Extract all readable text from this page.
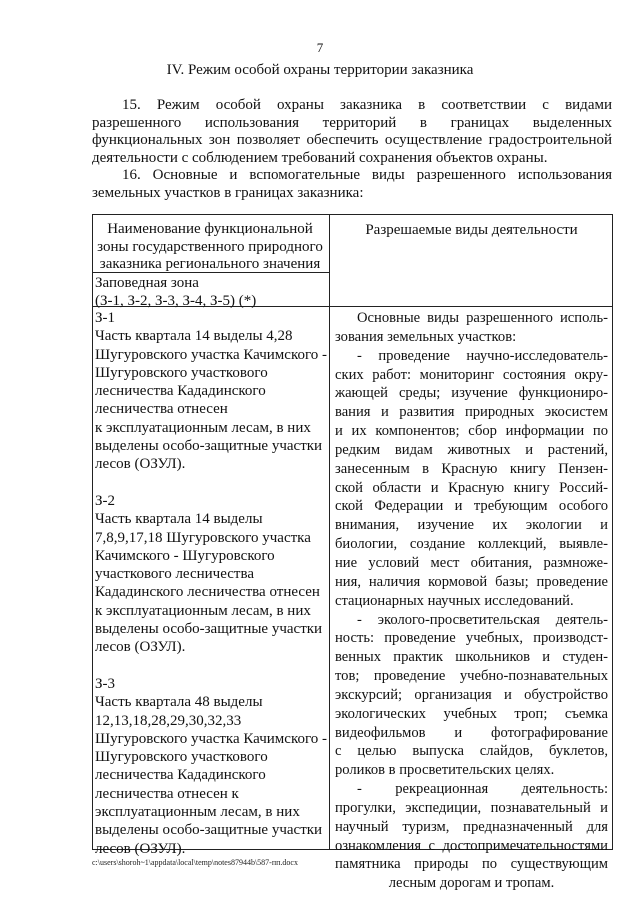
7
IV. Режим особой охраны территории заказника
15. Режим особой охраны заказника в соответствии с видами
разрешенного использования территорий в границах выделенных
функциональных зон позволяет обеспечить осуществление градостроительной
деятельности с соблюдением требований сохранения объектов охраны.
16. Основные и вспомогательные виды разрешенного использования
земельных участков в границах заказника:
Наименование функциональной
зоны государственного природного
заказника регионального значения
Разрешаемые виды деятельности
Заповедная зона
(З-1, З-2, З-3, З-4, З-5) (*)
З-1
Часть квартала 14 выделы 4,28
Шугуровского участка Качимского -
Шугуровского участкового
лесничества Кададинского
лесничества отнесен
к эксплуатационным лесам, в них
выделены особо-защитные участки
лесов (ОЗУЛ).
З-2
Часть квартала 14 выделы
7,8,9,17,18 Шугуровского участка
Качимского - Шугуровского
участкового лесничества
Кададинского лесничества отнесен
к эксплуатационным лесам, в них
выделены особо-защитные участки
лесов (ОЗУЛ).
З-3
Часть квартала 48 выделы
12,13,18,28,29,30,32,33
Шугуровского участка Качимского -
Шугуровского участкового
лесничества Кададинского
лесничества отнесен к
эксплуатационным лесам, в них
выделены особо-защитные участки
лесов (ОЗУЛ).
Основные виды разрешенного исполь-
зования земельных участков:
- проведение научно-исследователь-
ских работ: мониторинг состояния окру-
жающей среды; изучение функциониро-
вания и развития природных экосистем
и их компонентов; сбор информации по
редким видам животных и растений,
занесенным в Красную книгу Пензен-
ской области и Красную книгу Россий-
ской Федерации и требующим особого
внимания, изучение их экологии и
биологии, создание коллекций, выявле-
ние условий мест обитания, размноже-
ния, наличия кормовой базы; проведение
стационарных научных исследований.
- эколого-просветительская деятель-
ность: проведение учебных, производст-
венных практик школьников и студен-
тов; проведение учебно-познавательных
экскурсий; организация и обустройство
экологических учебных троп; съемка
видеофильмов и фотографирование
с целью выпуска слайдов, буклетов,
роликов в просветительских целях.
- рекреационная деятельность:
прогулки, экспедиции, познавательный и
научный туризм, предназначенный для
ознакомления с достопримечательностями
памятника природы по существующим
лесным дорогам и тропам.
c:\users\shoroh~1\appdata\local\temp\notes87944b\587-пп.docx
